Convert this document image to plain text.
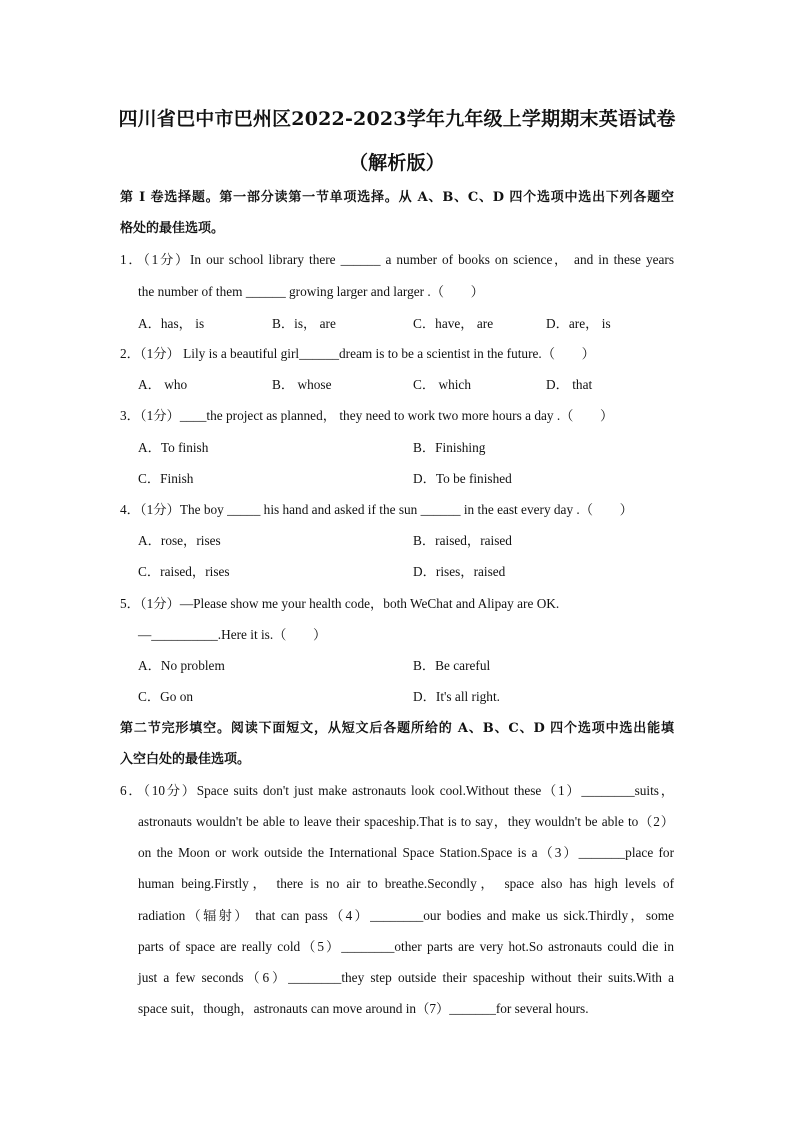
四川省巴中市巴州区2022-2023学年九年级上学期期末英语试卷
（解析版）
第 I 卷选择题。第一部分读第一节单项选择。从 A、B、C、D 四个选项中选出下列各题空
格处的最佳选项。
1．（1分）In our school library there ______ a number of books on science， and in these years
the number of them ______ growing larger and larger .（　　）
A．has， is	B．is， are	C．have， are	D．are， is
2．（1分） Lily is a beautiful girl______dream is to be a scientist in the future.（　　）
A． who	B． whose	C． which	D． that
3．（1分）____the project as planned， they need to work two more hours a day .（　　）
A．To finish	B．Finishing
C．Finish	D．To be finished
4．（1分）The boy _____ his hand and asked if the sun ______ in the east every day .（　　）
A．rose，rises	B．raised，raised
C．raised，rises	D．rises，raised
5．（1分）—Please show me your health code，both WeChat and Alipay are OK.
—__________.Here it is.（　　）
A．No problem	B．Be careful
C．Go on	D．It's all right.
第二节完形填空。阅读下面短文，从短文后各题所给的 A、B、C、D 四个选项中选出能填
入空白处的最佳选项。
6．（10分）Space suits don't just make astronauts look cool.Without these（1）________suits，
astronauts wouldn't be able to leave their spaceship.That is to say，they wouldn't be able to（2）
on the Moon or work outside the International Space Station.Space is a（3）_______place for
human being.Firstly， there is no air to breathe.Secondly， space also has high levels of
radiation（辐射） that can pass（4）________our bodies and make us sick.Thirdly，some
parts of space are really cold（5）________other parts are very hot.So astronauts could die in
just a few seconds（6）________they step outside their spaceship without their suits.With a
space suit，though，astronauts can move around in（7）_______for several hours.
